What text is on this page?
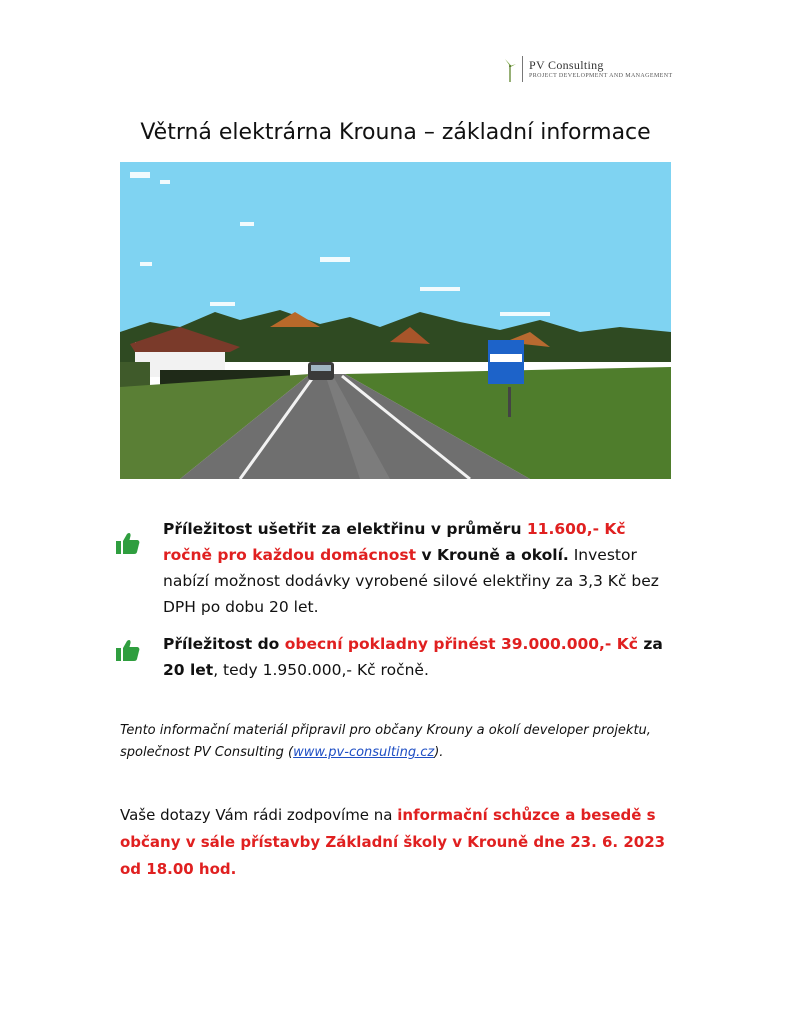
PV Consulting
PROJECT DEVELOPMENT AND MANAGEMENT
Větrná elektrárna Krouna – základní informace
Příležitost ušetřit za elektřinu v průměru 11.600,- Kč ročně pro každou domácnost v Krouně a okolí. Investor nabízí možnost dodávky vyrobené silové elektřiny za 3,3 Kč bez DPH po dobu 20 let.
Příležitost do obecní pokladny přinést 39.000.000,- Kč za 20 let, tedy 1.950.000,- Kč ročně.
Tento informační materiál připravil pro občany Krouny a okolí developer projektu, společnost PV Consulting (www.pv-consulting.cz).
Vaše dotazy Vám rádi zodpovíme na informační schůzce a besedě s občany v sále přístavby Základní školy v Krouně dne 23. 6. 2023 od 18.00 hod.
